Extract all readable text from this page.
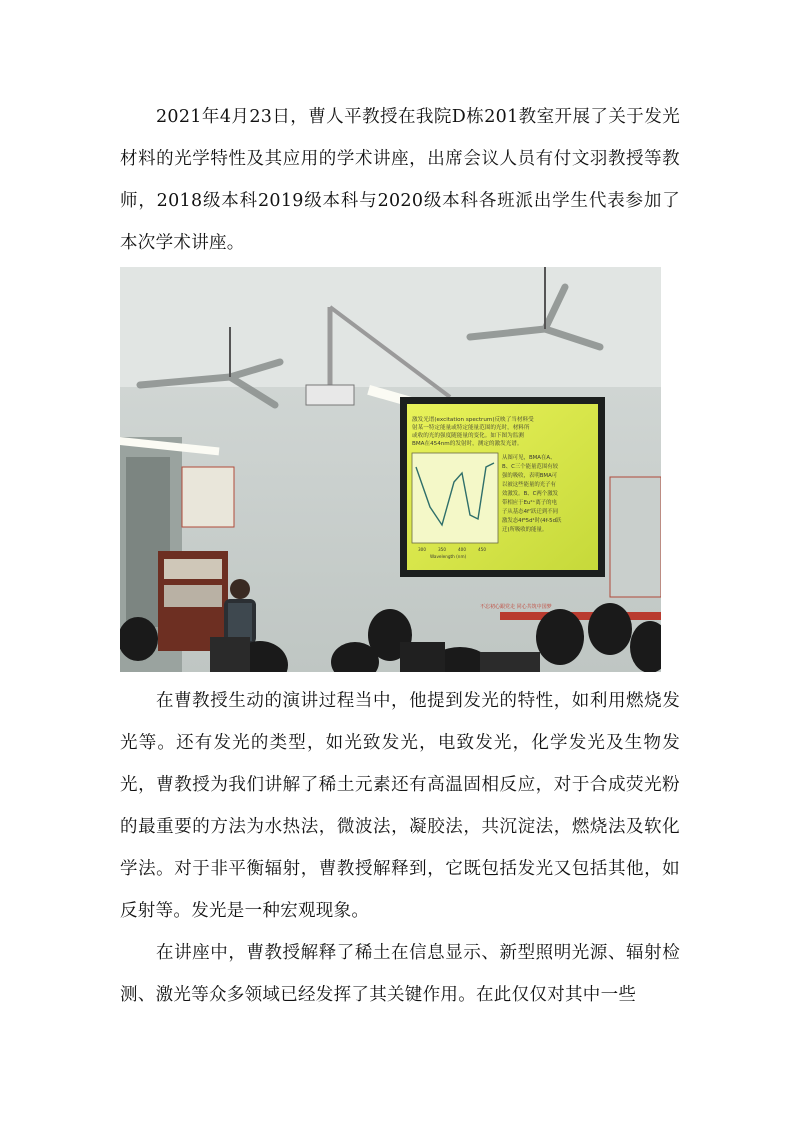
2021年4月23日，曹人平教授在我院D栋201教室开展了关于发光材料的光学特性及其应用的学术讲座，出席会议人员有付文羽教授等教师，2018级本科2019级本科与2020级本科各班派出学生代表参加了本次学术讲座。

激发光谱(excitation spectrum)反映了当材料受
射某一特定能量或特定能量范围的光时，材料所
或收的光的强度随能量的变化。如下图为监测
BMA在454nm的发射时，测定的激发光谱。
300	350	400	450
Wavelength (nm)
从图可见，BMA在A、
B、C三个能量范围有较
强的吸收，表明BMA可
以被这些能量的光子有
效激发。B、C两个激发
带相应于Eu²⁺离子的电
子从基态4f⁷跃迁到不同
激发态4f⁶5d¹时(4f-5d跃
迁)所吸收的能量。
不忘初心跟党走 同心共筑中国梦

在曹教授生动的演讲过程当中，他提到发光的特性，如利用燃烧发光等。还有发光的类型，如光致发光，电致发光，化学发光及生物发光，曹教授为我们讲解了稀土元素还有高温固相反应，对于合成荧光粉的最重要的方法为水热法，微波法，凝胶法，共沉淀法，燃烧法及软化学法。对于非平衡辐射，曹教授解释到，它既包括发光又包括其他，如反射等。发光是一种宏观现象。

在讲座中，曹教授解释了稀土在信息显示、新型照明光源、辐射检测、激光等众多领域已经发挥了其关键作用。在此仅仅对其中一些
